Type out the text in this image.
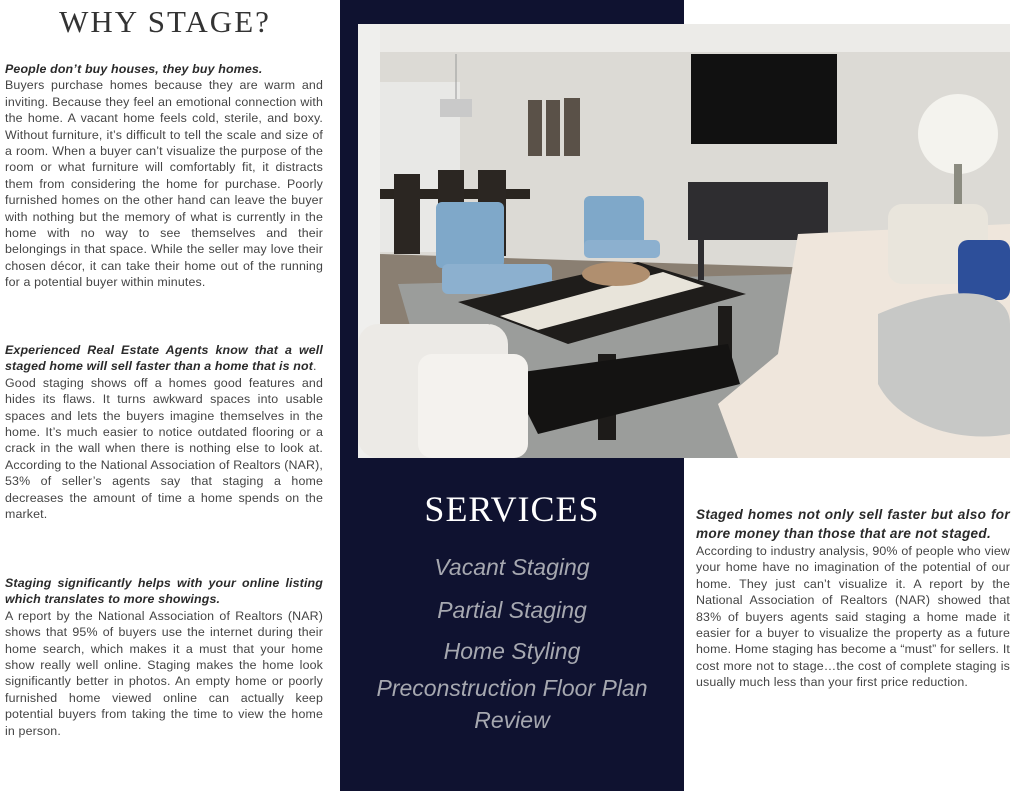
WHY STAGE?
People don’t buy houses, they buy homes.
Buyers purchase homes because they are warm and inviting. Because they feel an emotional connection with the home. A vacant home feels cold, sterile, and boxy. Without furniture, it’s difficult to tell the scale and size of a room. When a buyer can’t visualize the purpose of the room or what furniture will comfortably fit, it distracts them from considering the home for purchase. Poorly furnished homes on the other hand can leave the buyer with nothing but the memory of what is currently in the home with no way to see themselves and their belongings in that space. While the seller may love their chosen décor, it can take their home out of the running for a potential buyer within minutes.
Experienced Real Estate Agents know that a well staged home will sell faster than a home that is not.
Good staging shows off a homes good features and hides its flaws. It turns awkward spaces into usable spaces and lets the buyers imagine themselves in the home. It’s much easier to notice outdated flooring or a crack in the wall when there is nothing else to look at. According to the National Association of Realtors (NAR), 53% of seller’s agents say that staging a home decreases the amount of time a home spends on the market.
Staging significantly helps with your online listing which translates to more showings.
A report by the National Association of Realtors (NAR) shows that 95% of buyers use the internet during their home search, which makes it a must that your home show really well online. Staging makes the home look significantly better in photos. An empty home or poorly furnished home viewed online can actually keep potential buyers from taking the time to view the home in person.
SERVICES
Vacant Staging
Partial Staging
Home Styling
Preconstruction Floor Plan Review
Staged homes not only sell faster but also for more money than those that are not staged.
According to industry analysis, 90% of people who view your home have no imagination of the potential of our home. They just can’t visualize it. A report by the National Association of Realtors (NAR) showed that 83% of buyers agents said staging a home made it easier for a buyer to visualize the property as a future home. Home staging has become a “must” for sellers. It cost more not to stage…the cost of complete staging is usually much less than your first price reduction.
